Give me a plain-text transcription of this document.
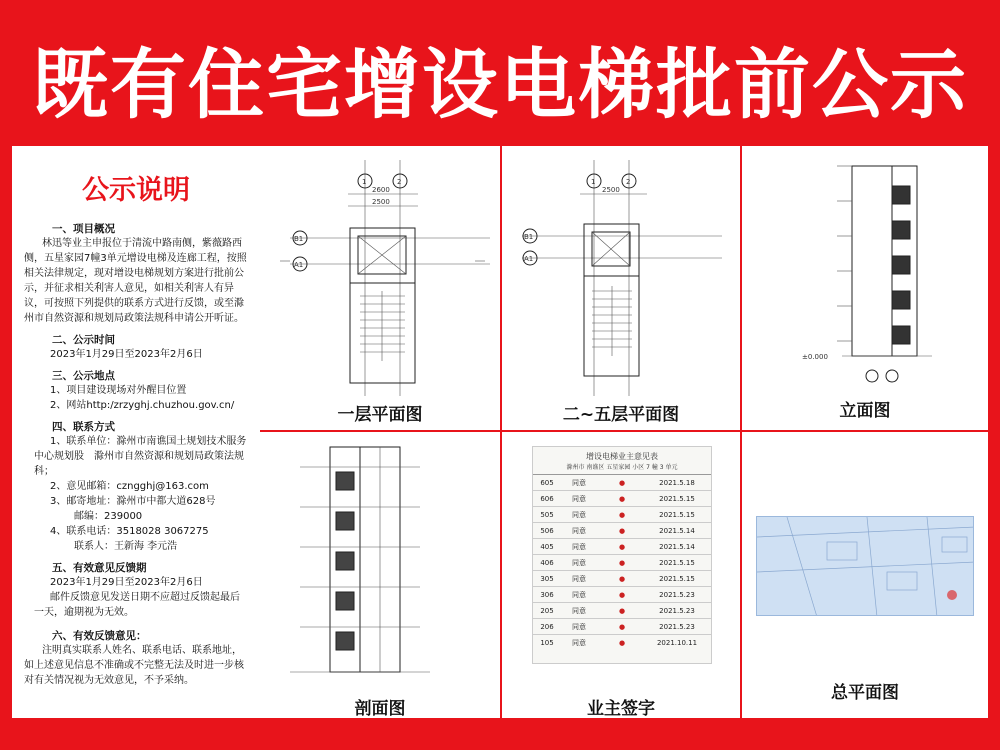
既有住宅增设电梯批前公示
公示说明
一、项目概况
林迅等业主申报位于清流中路南侧，紫薇路西侧，五星家园7幢3单元增设电梯及连廊工程，按照相关法律规定，现对增设电梯规划方案进行批前公示，并征求相关利害人意见，如相关利害人有异议，可按照下列提供的联系方式进行反馈，或至滁州市自然资源和规划局政策法规科申请公开听证。
二、公示时间
2023年1月29日至2023年2月6日
三、公示地点
1、项目建设现场对外醒目位置
2、网站http:/zrzyghj.chuzhou.gov.cn/
四、联系方式
1、联系单位：滁州市南谯国土规划技术服务中心规划股　滁州市自然资源和规划局政策法规科；
2、意见邮箱：czngghj@163.com
3、邮寄地址：滁州市中都大道628号
邮编：239000
4、联系电话：3518028 3067275
联系人：王新海 李元浩
五、有效意见反馈期
2023年1月29日至2023年2月6日
邮件反馈意见发送日期不应超过反馈起最后一天，逾期视为无效。
六、有效反馈意见：
注明真实联系人姓名、联系电话、联系地址，如上述意见信息不准确或不完整无法及时进一步核对有关情况视为无效意见，不予采纳。
1	2
2600
2500
B1
A1
一层平面图
1	2
2500
B1
A1
二~五层平面图
±0.000
立面图
剖面图
增设电梯业主意见表
滁州市 南谯区 五星家园 小区 7 幢 3 单元
605	同意	●	2021.5.18
606	同意	●	2021.5.15
505	同意	●	2021.5.15
506	同意	●	2021.5.14
405	同意	●	2021.5.14
406	同意	●	2021.5.15
305	同意	●	2021.5.15
306	同意	●	2021.5.23
205	同意	●	2021.5.23
206	同意	●	2021.5.23
105	同意	●	2021.10.11
业主签字
总平面图
